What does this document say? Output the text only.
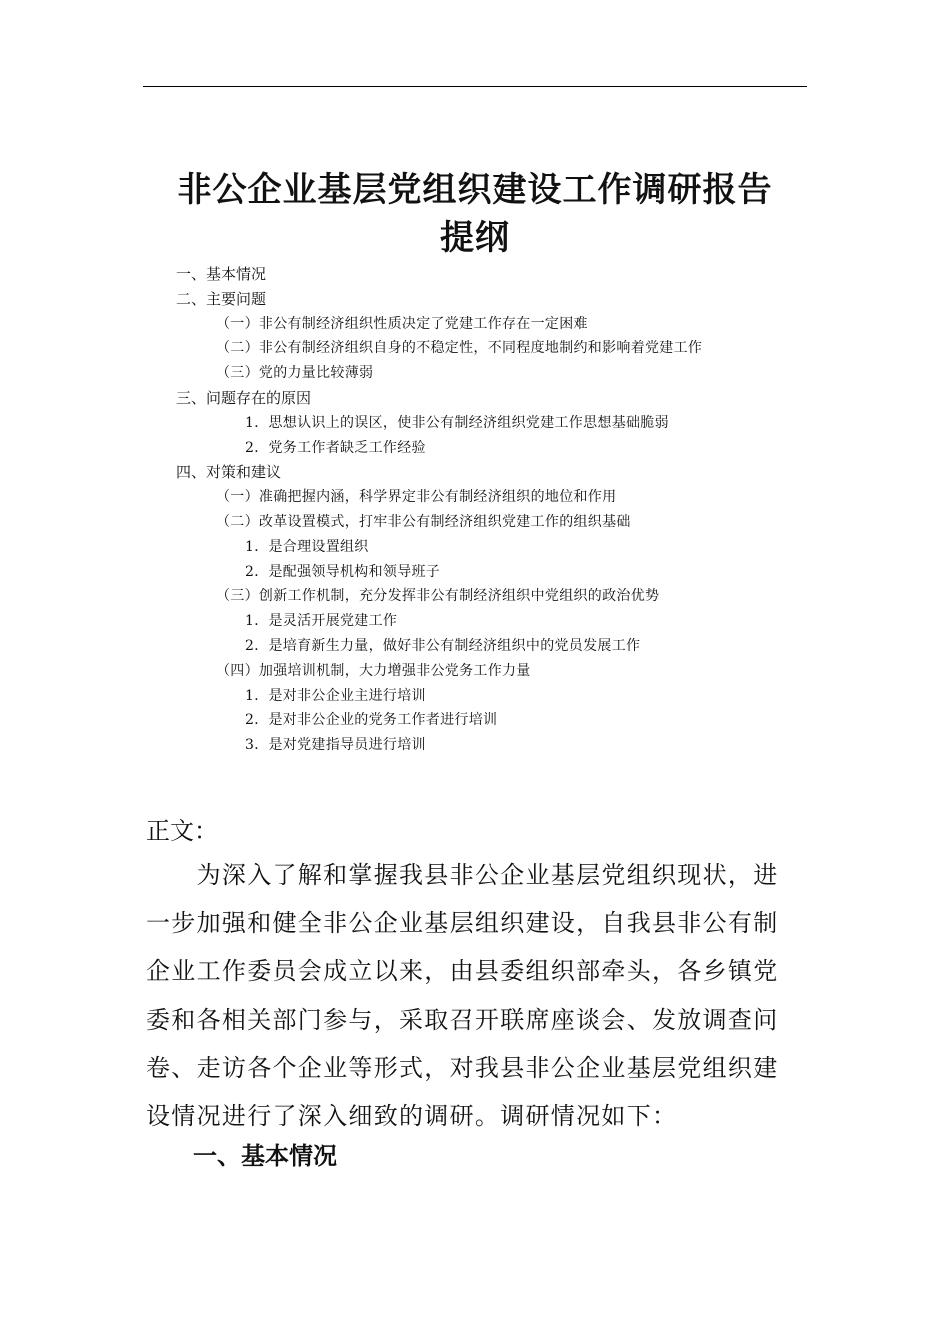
非公企业基层党组织建设工作调研报告
提纲

一、基本情况

二、主要问题

（一）非公有制经济组织性质决定了党建工作存在一定困难

（二）非公有制经济组织自身的不稳定性，不同程度地制约和影响着党建工作

（三）党的力量比较薄弱

三、问题存在的原因

1．思想认识上的误区，使非公有制经济组织党建工作思想基础脆弱

2．党务工作者缺乏工作经验

四、对策和建议

（一）准确把握内涵，科学界定非公有制经济组织的地位和作用

（二）改革设置模式，打牢非公有制经济组织党建工作的组织基础

1．是合理设置组织

2．是配强领导机构和领导班子

（三）创新工作机制，充分发挥非公有制经济组织中党组织的政治优势

1．是灵活开展党建工作

2．是培育新生力量，做好非公有制经济组织中的党员发展工作

（四）加强培训机制，大力增强非公党务工作力量

1．是对非公企业主进行培训

2．是对非公企业的党务工作者进行培训

3．是对党建指导员进行培训

正文：

　　为深入了解和掌握我县非公企业基层党组织现状，进

一步加强和健全非公企业基层组织建设，自我县非公有制

企业工作委员会成立以来，由县委组织部牵头，各乡镇党

委和各相关部门参与，采取召开联席座谈会、发放调查问

卷、走访各个企业等形式，对我县非公企业基层党组织建

设情况进行了深入细致的调研。调研情况如下：

一、基本情况
